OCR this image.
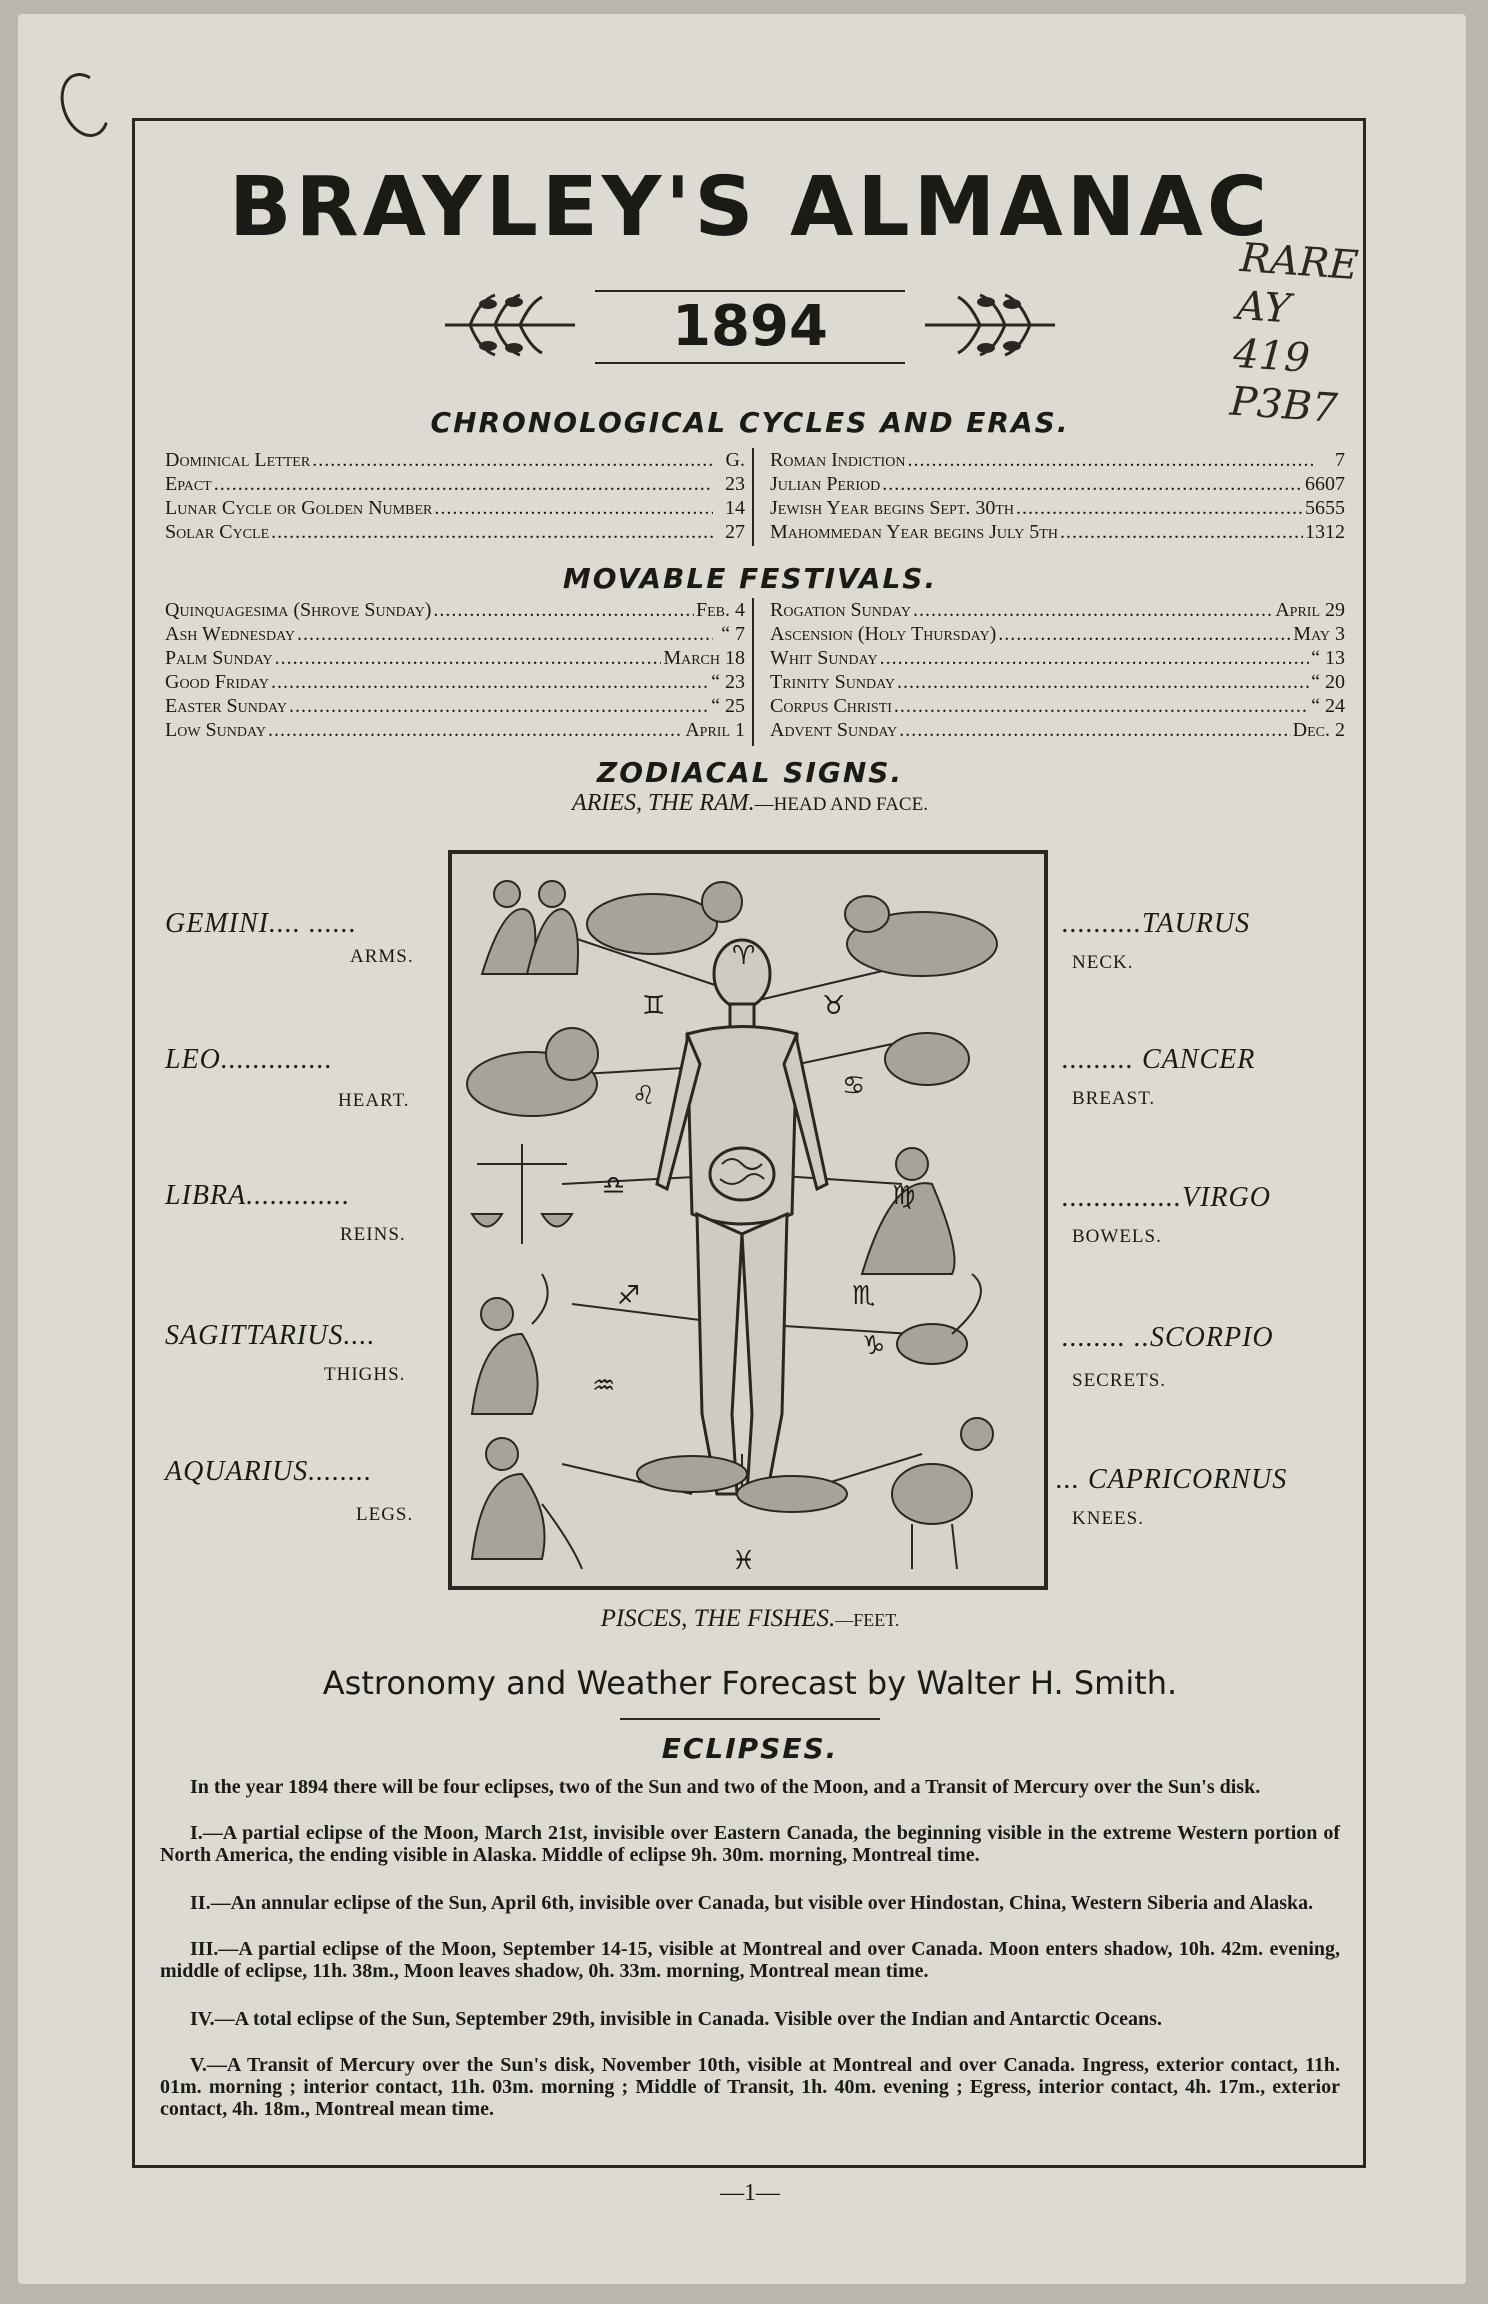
RARE
AY
419
P3B7
BRAYLEY'S ALMANAC
1894
CHRONOLOGICAL CYCLES AND ERAS.
Dominical Letter .....	G.
Epact .....	23
Lunar Cycle or Golden Number .....	14
Solar Cycle .....	27
Roman Indiction .....	7
Julian Period .....	6607
Jewish Year begins Sept. 30th .....	5655
Mahommedan Year begins July 5th .....	1312
MOVABLE FESTIVALS.
Quinquagesima (Shrove Sunday) .....	Feb. 4
Ash Wednesday .....	“ 7
Palm Sunday .....	March 18
Good Friday .....	“ 23
Easter Sunday .....	“ 25
Low Sunday .....	April 1
Rogation Sunday .....	April 29
Ascension (Holy Thursday) .....	May 3
Whit Sunday .....	“ 13
Trinity Sunday .....	“ 20
Corpus Christi .....	“ 24
Advent Sunday .....	Dec. 2
ZODIACAL SIGNS.
ARIES, THE RAM.—HEAD AND FACE.
♊	♉
♌	♋
♎	♍
♐	♏
♒
♑
♓
♈
GEMINI.... ......
ARMS.
LEO..............
HEART.
LIBRA.............
REINS.
SAGITTARIUS....
THIGHS.
AQUARIUS........
LEGS.
..........TAURUS
NECK.
......... CANCER
BREAST.
...............VIRGO
BOWELS.
........ ..SCORPIO
SECRETS.
... CAPRICORNUS
KNEES.
PISCES, THE FISHES.—FEET.
Astronomy and Weather Forecast by Walter H. Smith.
ECLIPSES.
In the year 1894 there will be four eclipses, two of the Sun and two of the Moon, and a Transit of Mercury over the Sun's disk.
I.—A partial eclipse of the Moon, March 21st, invisible over Eastern Canada, the beginning visible in the extreme Western portion of North America, the ending visible in Alaska. Middle of eclipse 9h. 30m. morning, Montreal time.
II.—An annular eclipse of the Sun, April 6th, invisible over Canada, but visible over Hindostan, China, Western Siberia and Alaska.
III.—A partial eclipse of the Moon, September 14-15, visible at Montreal and over Canada. Moon enters shadow, 10h. 42m. evening, middle of eclipse, 11h. 38m., Moon leaves shadow, 0h. 33m. morning, Montreal mean time.
IV.—A total eclipse of the Sun, September 29th, invisible in Canada. Visible over the Indian and Antarctic Oceans.
V.—A Transit of Mercury over the Sun's disk, November 10th, visible at Montreal and over Canada. Ingress, exterior contact, 11h. 01m. morning ; interior contact, 11h. 03m. morning ; Middle of Transit, 1h. 40m. evening ; Egress, interior contact, 4h. 17m., exterior contact, 4h. 18m., Montreal mean time.
—1—
